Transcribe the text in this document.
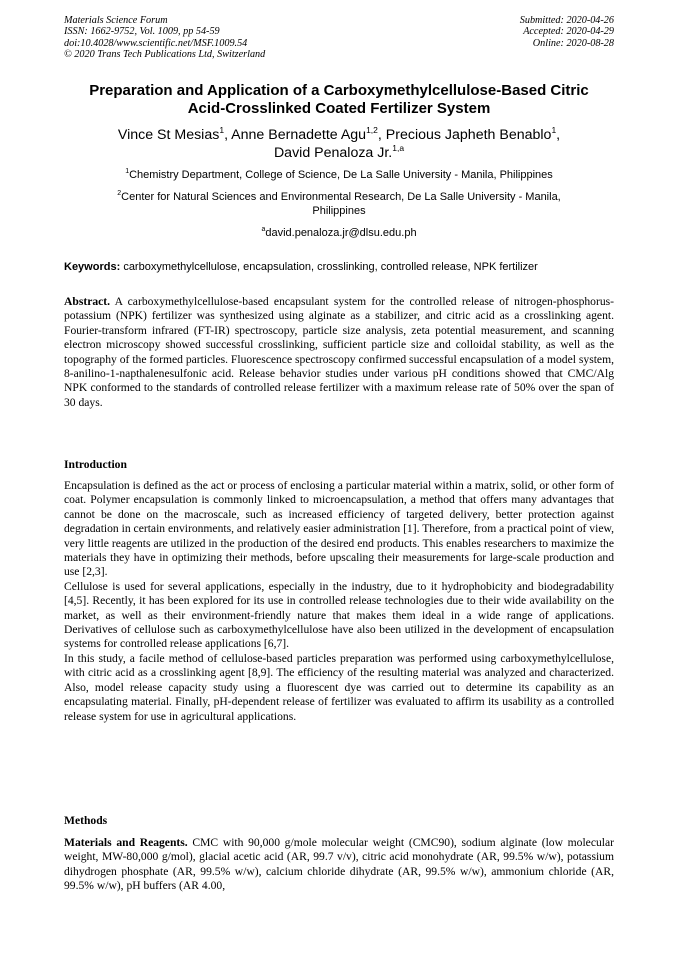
Materials Science Forum
ISSN: 1662-9752, Vol. 1009, pp 54-59
doi:10.4028/www.scientific.net/MSF.1009.54
© 2020 Trans Tech Publications Ltd, Switzerland
Submitted: 2020-04-26
Accepted: 2020-04-29
Online: 2020-08-28
Preparation and Application of a Carboxymethylcellulose-Based Citric
Acid-Crosslinked Coated Fertilizer System
Vince St Mesias$^1$, Anne Bernadette Agu$^{1,2}$, Precious Japheth Benablo$^1$,
David Penaloza Jr.$^{1,a}$
$^1$Chemistry Department, College of Science, De La Salle University - Manila, Philippines
$^2$Center for Natural Sciences and Environmental Research, De La Salle University - Manila,
Philippines
$^a$david.penaloza.jr@dlsu.edu.ph
Keywords: carboxymethylcellulose, encapsulation, crosslinking, controlled release, NPK fertilizer

Abstract. A carboxymethylcellulose-based encapsulant system for the controlled release of nitrogen-phosphorus-potassium (NPK) fertilizer was synthesized using alginate as a stabilizer, and citric acid as a crosslinking agent. Fourier-transform infrared (FT-IR) spectroscopy, particle size analysis, zeta potential measurement, and scanning electron microscopy showed successful crosslinking, sufficient particle size and colloidal stability, as well as the topography of the formed particles. Fluorescence spectroscopy confirmed successful encapsulation of a model system, 8-anilino-1-napthalenesulfonic acid. Release behavior studies under various pH conditions showed that CMC/Alg NPK conformed to the standards of controlled release fertilizer with a maximum release rate of 50% over the span of 30 days.

Introduction

Encapsulation is defined as the act or process of enclosing a particular material within a matrix, solid, or other form of coat. Polymer encapsulation is commonly linked to microencapsulation, a method that offers many advantages that cannot be done on the macroscale, such as increased efficiency of targeted delivery, better protection against degradation in certain environments, and relatively easier administration [1]. Therefore, from a practical point of view, very little reagents are utilized in the production of the desired end products. This enables researchers to maximize the materials they have in optimizing their methods, before upscaling their measurements for large-scale production and use [2,3].

Cellulose is used for several applications, especially in the industry, due to it hydrophobicity and biodegradability [4,5]. Recently, it has been explored for its use in controlled release technologies due to their wide availability on the market, as well as their environment-friendly nature that makes them ideal in a wide range of applications. Derivatives of cellulose such as carboxymethylcellulose have also been utilized in the development of encapsulation systems for controlled release applications [6,7].

In this study, a facile method of cellulose-based particles preparation was performed using carboxymethylcellulose, with citric acid as a crosslinking agent [8,9]. The efficiency of the resulting material was analyzed and characterized. Also, model release capacity study using a fluorescent dye was carried out to determine its capability as an encapsulating material. Finally, pH-dependent release of fertilizer was evaluated to affirm its usability as a controlled release system for use in agricultural applications.

Methods

Materials and Reagents. CMC with 90,000 g/mole molecular weight (CMC90), sodium alginate (low molecular weight, MW-80,000 g/mol), glacial acetic acid (AR, 99.7 v/v), citric acid monohydrate (AR, 99.5% w/w), potassium dihydrogen phosphate (AR, 99.5% w/w), calcium chloride dihydrate (AR, 99.5% w/w), ammonium chloride (AR, 99.5% w/w), pH buffers (AR 4.00,
